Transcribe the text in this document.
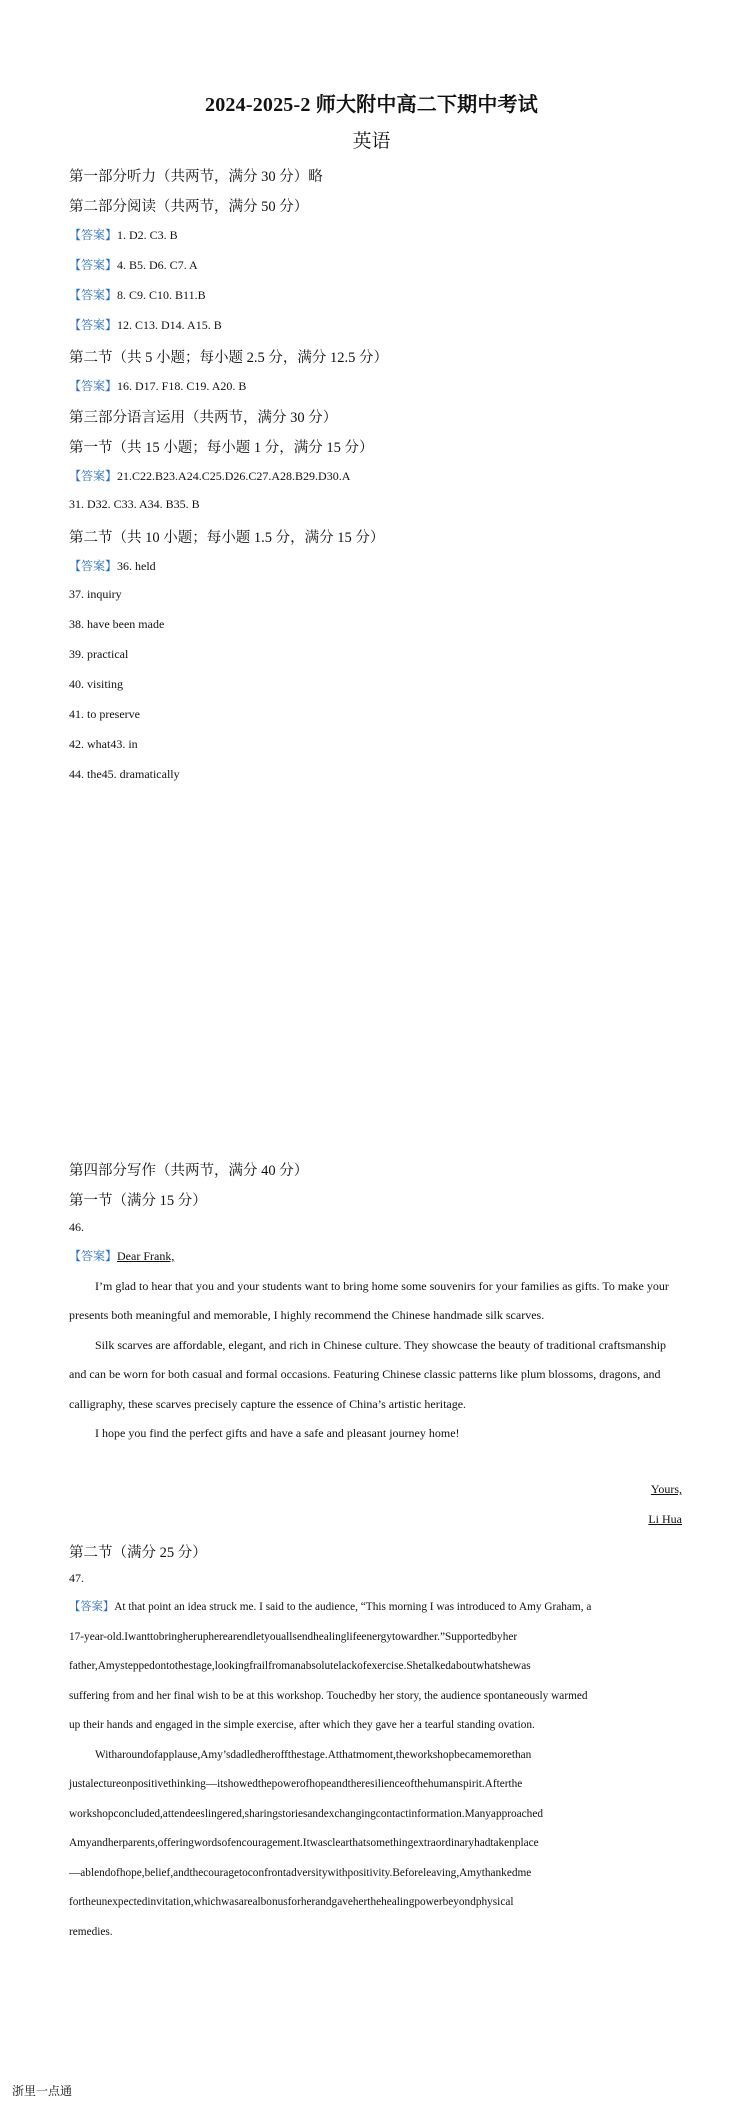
2024-2025-2 师大附中高二下期中考试
英语
第一部分听力（共两节，满分 30 分）略
第二部分阅读（共两节，满分 50 分）
【答案】1. D2. C3. B
【答案】4. B5. D6. C7. A
【答案】8. C9. C10. B11.B
【答案】12. C13. D14. A15. B
第二节（共 5 小题；每小题 2.5 分，满分 12.5 分）
【答案】16. D17. F18. C19. A20. B
第三部分语言运用（共两节，满分 30 分）
第一节（共 15 小题；每小题 1 分，满分 15 分）
【答案】21.C22.B23.A24.C25.D26.C27.A28.B29.D30.A
31. D32. C33. A34. B35. B
第二节（共 10 小题；每小题 1.5 分，满分 15 分）
【答案】36. held
37. inquiry
38. have been made
39. practical
40. visiting
41. to preserve
42. what43. in
44. the45. dramatically
第四部分写作（共两节，满分 40 分）
第一节（满分 15 分）
46.

【答案】Dear Frank,

I’m glad to hear that you and your students want to bring home some souvenirs for your families as gifts. To make your presents both meaningful and memorable, I highly recommend the Chinese handmade silk scarves.

Silk scarves are affordable, elegant, and rich in Chinese culture. They showcase the beauty of traditional craftsmanship and can be worn for both casual and formal occasions. Featuring Chinese classic patterns like plum blossoms, dragons, and calligraphy, these scarves precisely capture the essence of China’s artistic heritage.

I hope you find the perfect gifts and have a safe and pleasant journey home!

Yours,
Li Hua
第二节（满分 25 分）
47.
【答案】At that point an idea struck me. I said to the audience, “This morning I was introduced to Amy Graham, a
17-year-old.Iwanttobringherupherearendletyouallsendhealinglifeenergytowardher.”Supportedbyher
father,Amysteppedontothestage,lookingfrailfromanabsolutelackofexercise.Shetalkedaboutwhatshewas
suffering from and her final wish to be at this workshop. Touchedby her story, the audience spontaneously warmed
up their hands and engaged in the simple exercise, after which they gave her a tearful standing ovation.
Witharoundofapplause,Amy’sdadledheroffthestage.Atthatmoment,theworkshopbecamemorethan
justalectureonpositivethinking—itshowedthepowerofhopeandtheresilienceofthehumanspirit.Afterthe
workshopconcluded,attendeeslingered,sharingstoriesandexchangingcontactinformation.Manyapproached
Amyandherparents,offeringwordsofencouragement.Itwasclearthatsomethingextraordinaryhadtakenplace
—ablendofhope,belief,andthecouragetoconfrontadversitywithpositivity.Beforeleaving,Amythankedme
fortheunexpectedinvitation,whichwasarealbonusforherandgaveherthehealingpowerbeyondphysical
remedies.
浙里一点通
